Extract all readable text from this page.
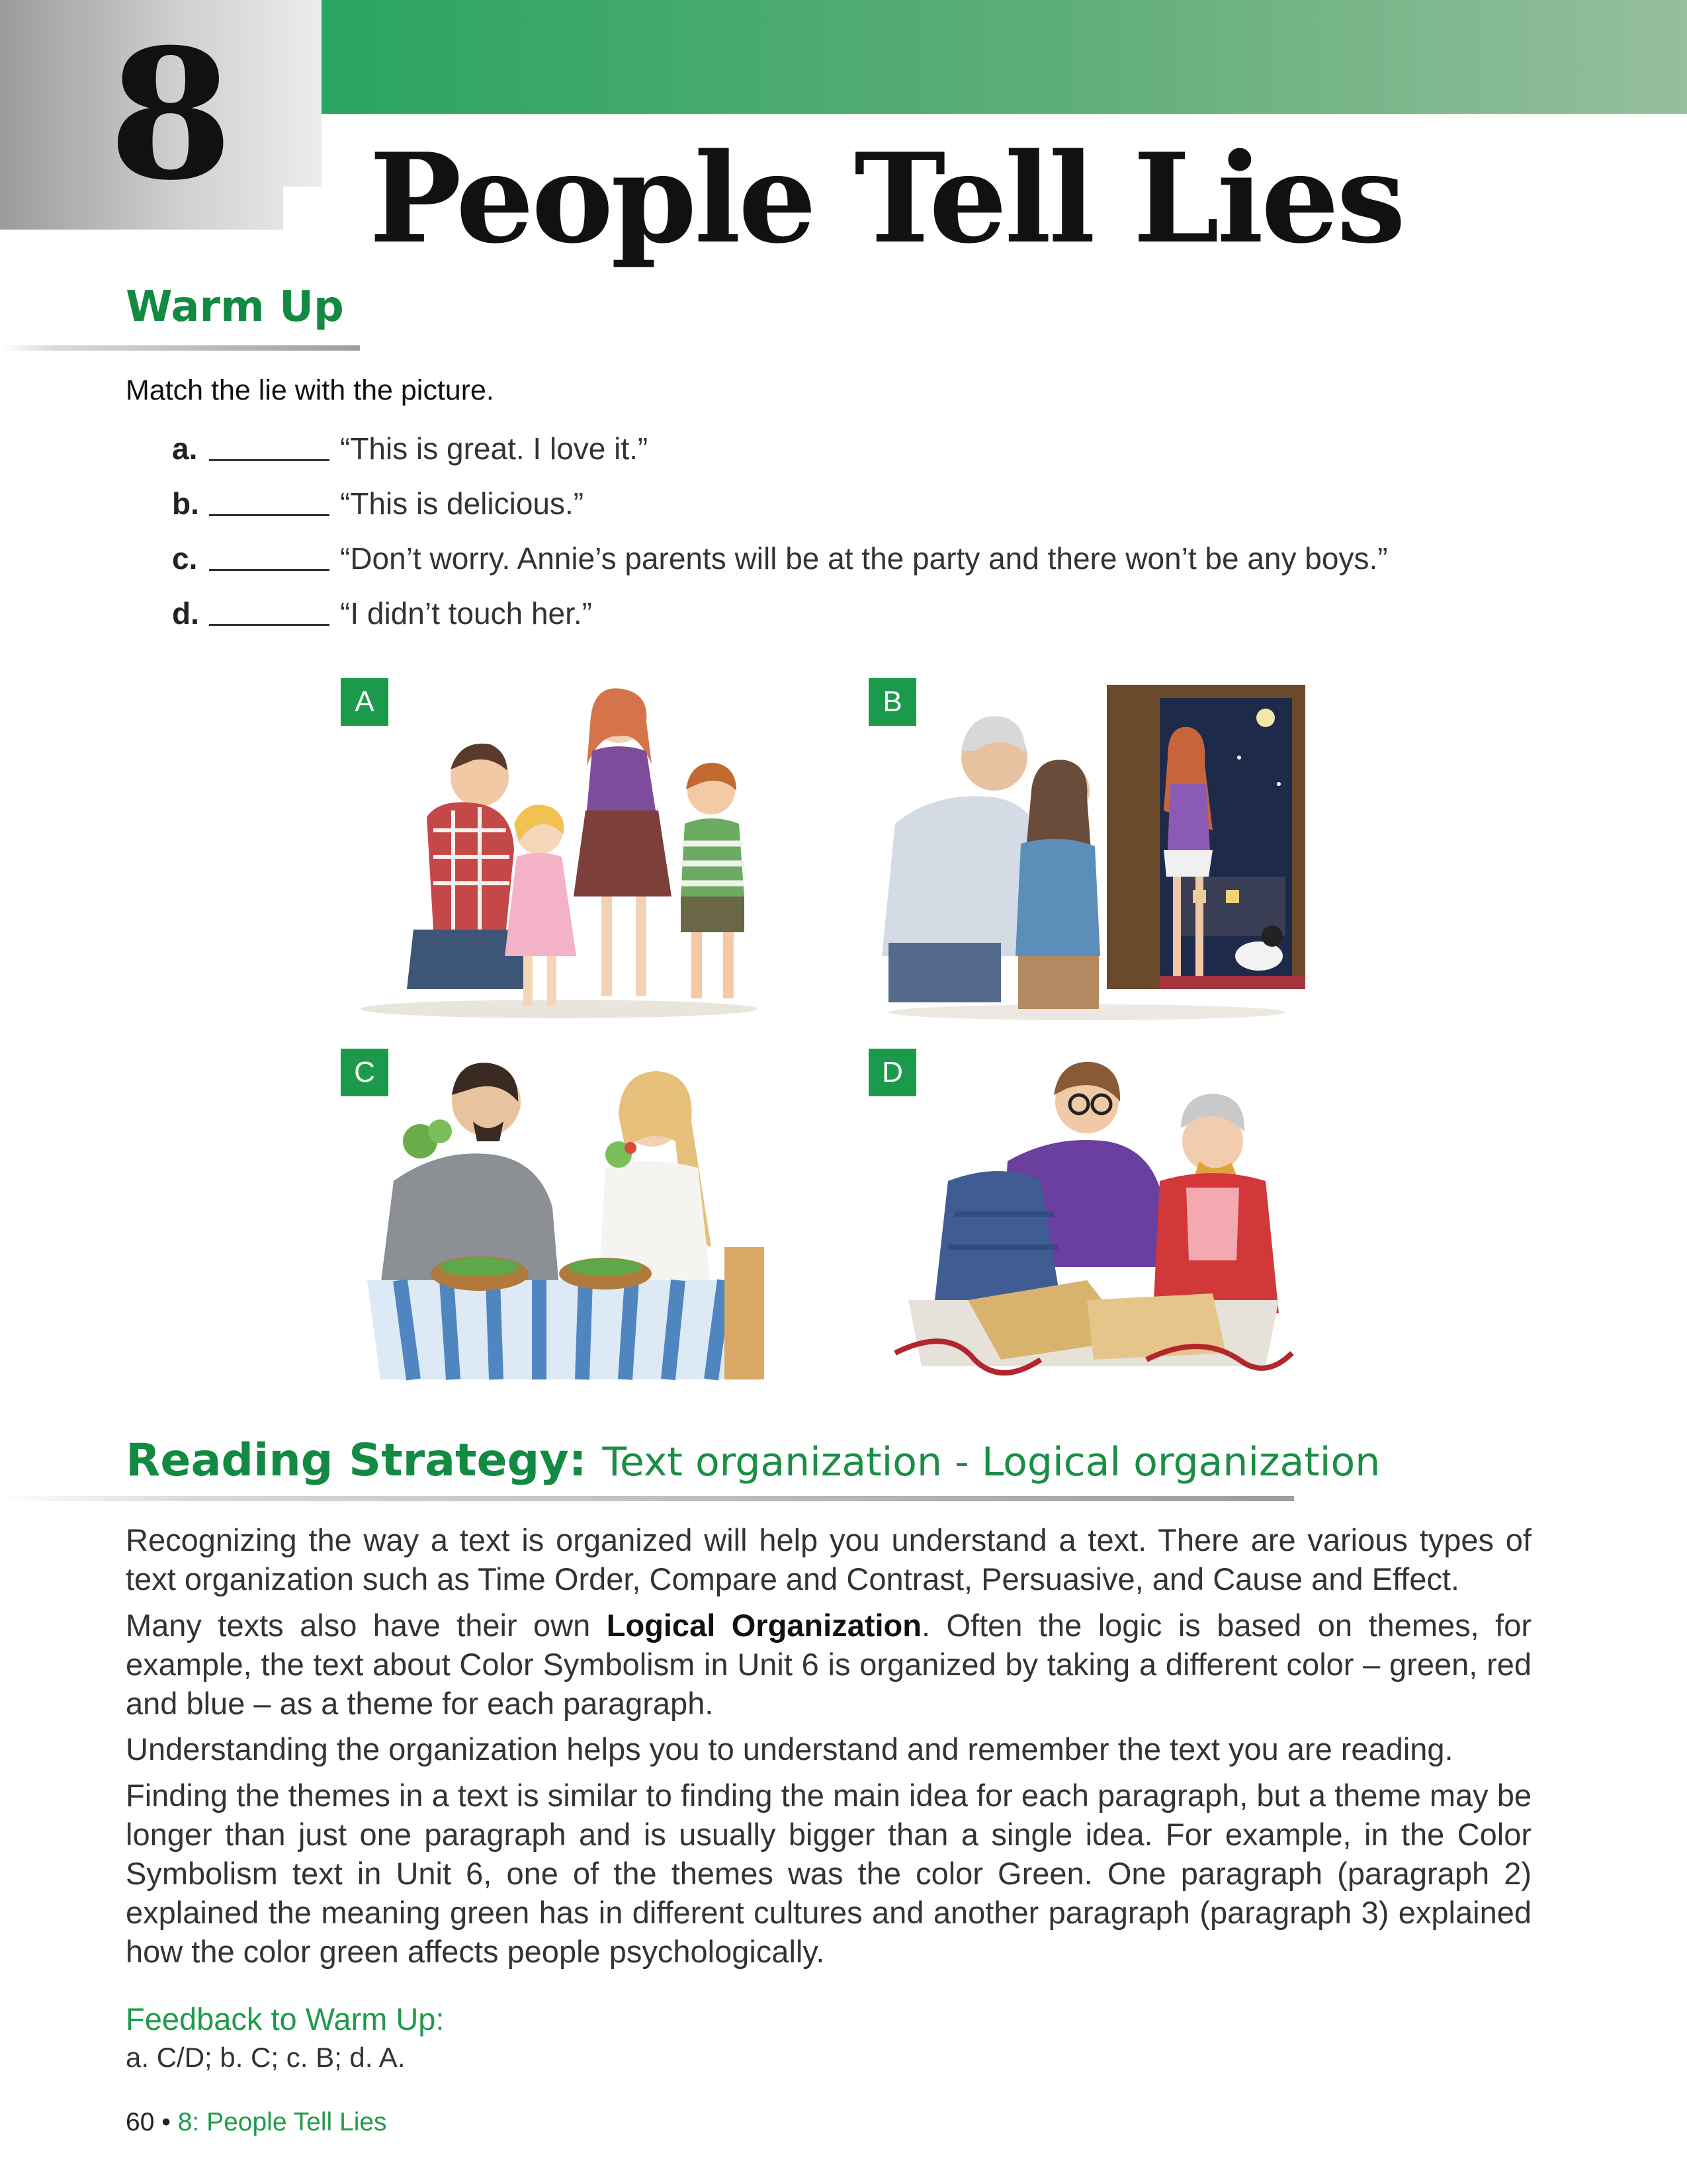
8 People Tell Lies
Warm Up
Match the lie with the picture.
a.	“This is great. I love it.”
b.	“This is delicious.”
c.	“Don’t worry. Annie’s parents will be at the party and there won’t be any boys.”
d.	“I didn’t touch her.”
A	B
C	D
Reading Strategy: Text organization - Logical organization

Recognizing the way a text is organized will help you understand a text. There are various types of text organization such as Time Order, Compare and Contrast, Persuasive, and Cause and Effect.

Many texts also have their own Logical Organization. Often the logic is based on themes, for example, the text about Color Symbolism in Unit 6 is organized by taking a different color – green, red and blue – as a theme for each paragraph.

Understanding the organization helps you to understand and remember the text you are reading.

Finding the themes in a text is similar to finding the main idea for each paragraph, but a theme may be longer than just one paragraph and is usually bigger than a single idea. For example, in the Color Symbolism text in Unit 6, one of the themes was the color Green. One paragraph (paragraph 2) explained the meaning green has in different cultures and another paragraph (paragraph 3) explained how the color green affects people psychologically.

Feedback to Warm Up:
a. C/D; b. C; c. B; d. A.
60 • 8: People Tell Lies
